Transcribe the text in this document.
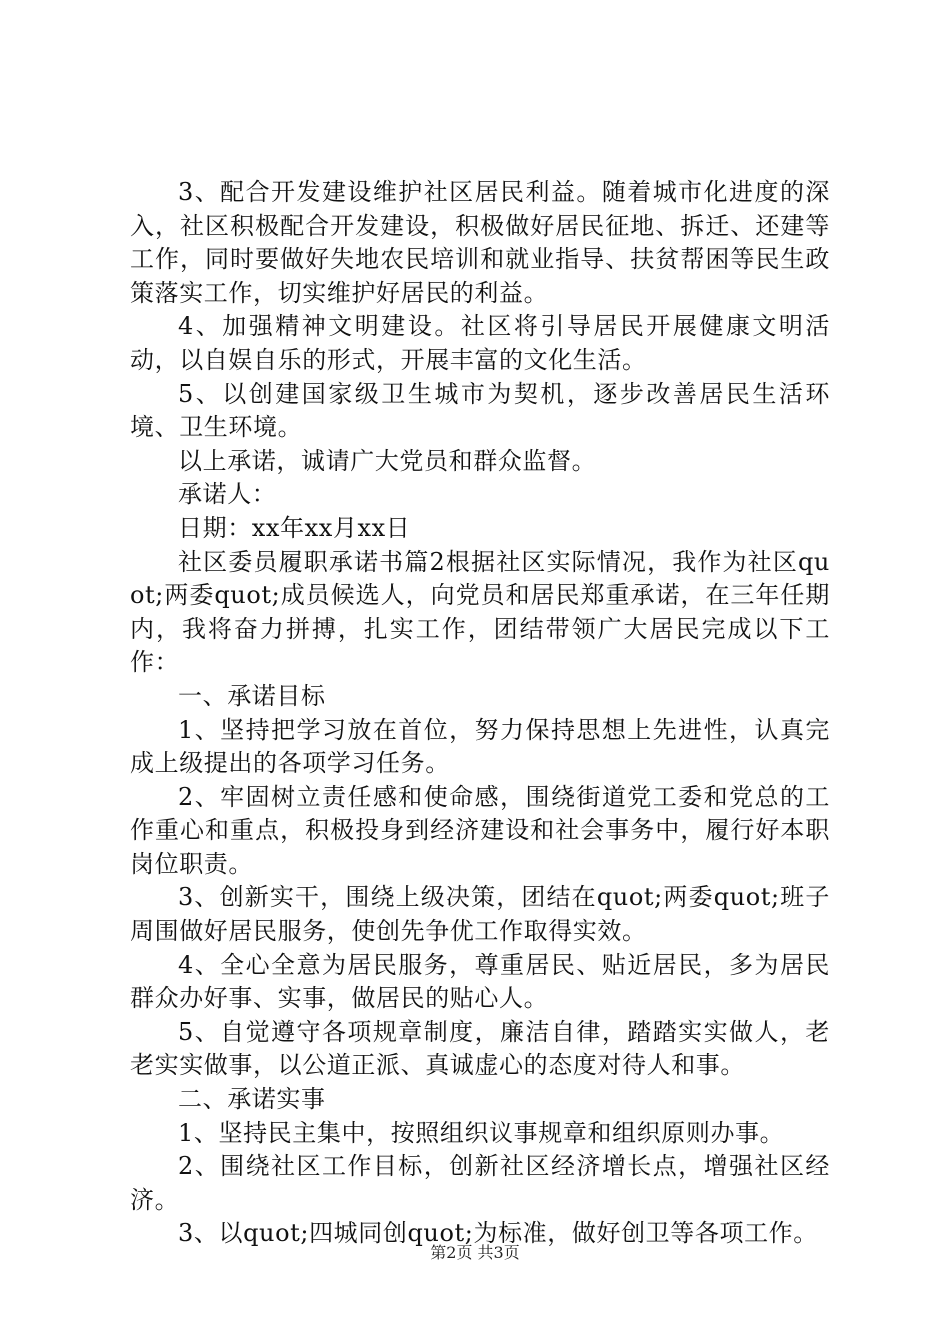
3、配合开发建设维护社区居民利益。随着城市化进度的深入，社区积极配合开发建设，积极做好居民征地、拆迁、还建等工作，同时要做好失地农民培训和就业指导、扶贫帮困等民生政策落实工作，切实维护好居民的利益。

4、加强精神文明建设。社区将引导居民开展健康文明活动，以自娱自乐的形式，开展丰富的文化生活。

5、以创建国家级卫生城市为契机，逐步改善居民生活环境、卫生环境。

以上承诺，诚请广大党员和群众监督。

承诺人：

日期：xx年xx月xx日

社区委员履职承诺书篇2根据社区实际情况，我作为社区quot;两委quot;成员候选人，向党员和居民郑重承诺，在三年任期内，我将奋力拼搏，扎实工作，团结带领广大居民完成以下工作：

一、承诺目标

1、坚持把学习放在首位，努力保持思想上先进性，认真完成上级提出的各项学习任务。

2、牢固树立责任感和使命感，围绕街道党工委和党总的工作重心和重点，积极投身到经济建设和社会事务中，履行好本职岗位职责。

3、创新实干，围绕上级决策，团结在quot;两委quot;班子周围做好居民服务，使创先争优工作取得实效。

4、全心全意为居民服务，尊重居民、贴近居民，多为居民群众办好事、实事，做居民的贴心人。

5、自觉遵守各项规章制度，廉洁自律，踏踏实实做人，老老实实做事，以公道正派、真诚虚心的态度对待人和事。

二、承诺实事

1、坚持民主集中，按照组织议事规章和组织原则办事。

2、围绕社区工作目标，创新社区经济增长点，增强社区经济。

3、以quot;四城同创quot;为标准，做好创卫等各项工作。

第2页 共3页
